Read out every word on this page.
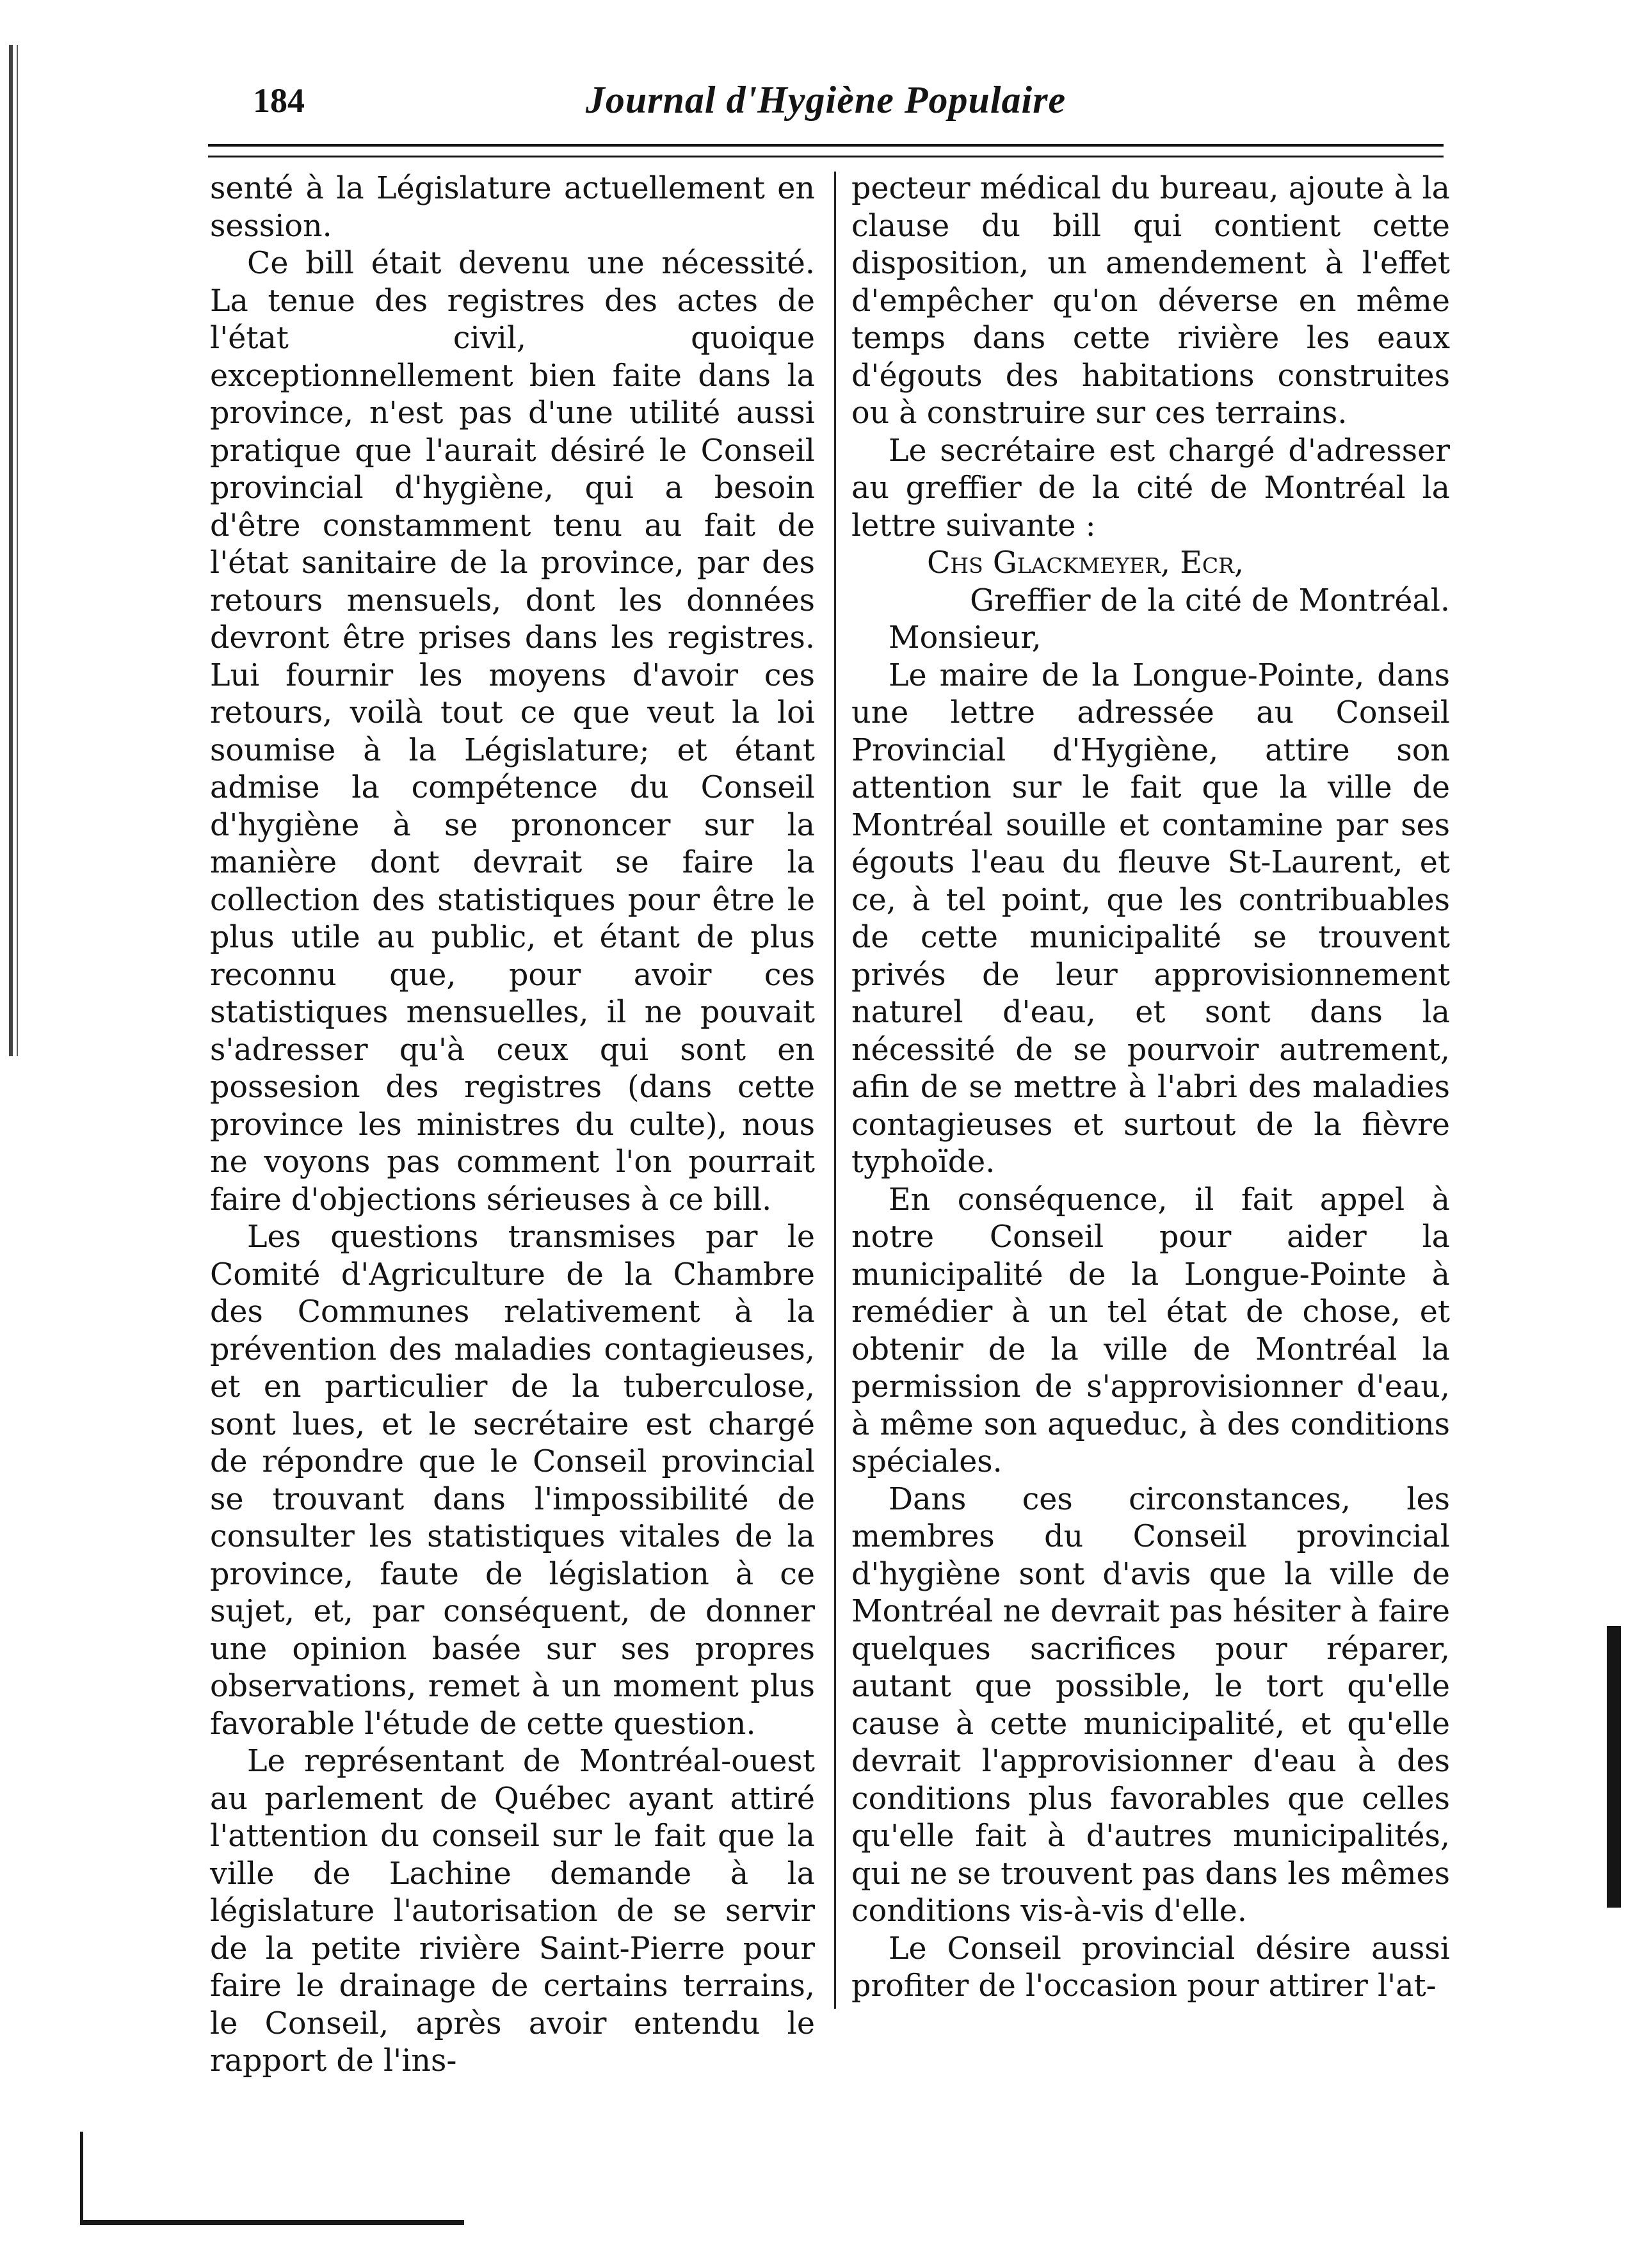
184	Journal d'Hygiène Populaire

senté à la Législature actuellement en session.

Ce bill était devenu une nécessité. La tenue des registres des actes de l'état civil, quoique exceptionnellement bien faite dans la province, n'est pas d'une utilité aussi pratique que l'aurait désiré le Conseil provincial d'hygiène, qui a besoin d'être constamment tenu au fait de l'état sanitaire de la province, par des retours mensuels, dont les données devront être prises dans les registres. Lui fournir les moyens d'avoir ces retours, voilà tout ce que veut la loi soumise à la Législature; et étant admise la compétence du Conseil d'hygiène à se prononcer sur la manière dont devrait se faire la collection des statistiques pour être le plus utile au public, et étant de plus reconnu que, pour avoir ces statistiques mensuelles, il ne pouvait s'adresser qu'à ceux qui sont en possesion des registres (dans cette province les ministres du culte), nous ne voyons pas comment l'on pourrait faire d'objections sérieuses à ce bill.

Les questions transmises par le Comité d'Agriculture de la Chambre des Communes relativement à la prévention des maladies contagieuses, et en particulier de la tuberculose, sont lues, et le secrétaire est chargé de répondre que le Conseil provincial se trouvant dans l'impossibilité de consulter les statistiques vitales de la province, faute de législation à ce sujet, et, par conséquent, de donner une opinion basée sur ses propres observations, remet à un moment plus favorable l'étude de cette question.

Le représentant de Montréal-ouest au parlement de Québec ayant attiré l'attention du conseil sur le fait que la ville de Lachine demande à la législature l'autorisation de se servir de la petite rivière Saint-Pierre pour faire le drainage de certains terrains, le Conseil, après avoir entendu le rapport de l'ins-

pecteur médical du bureau, ajoute à la clause du bill qui contient cette disposition, un amendement à l'effet d'empêcher qu'on déverse en même temps dans cette rivière les eaux d'égouts des habitations construites ou à construire sur ces terrains.

Le secrétaire est chargé d'adresser au greffier de la cité de Montréal la lettre suivante :

Chs Glackmeyer, Ecr,

Greffier de la cité de Montréal.

Monsieur,

Le maire de la Longue-Pointe, dans une lettre adressée au Conseil Provincial d'Hygiène, attire son attention sur le fait que la ville de Montréal souille et contamine par ses égouts l'eau du fleuve St-Laurent, et ce, à tel point, que les contribuables de cette municipalité se trouvent privés de leur approvisionnement naturel d'eau, et sont dans la nécessité de se pourvoir autrement, afin de se mettre à l'abri des maladies contagieuses et surtout de la fièvre typhoïde.

En conséquence, il fait appel à notre Conseil pour aider la municipalité de la Longue-Pointe à remédier à un tel état de chose, et obtenir de la ville de Montréal la permission de s'approvisionner d'eau, à même son aqueduc, à des conditions spéciales.

Dans ces circonstances, les membres du Conseil provincial d'hygiène sont d'avis que la ville de Montréal ne devrait pas hésiter à faire quelques sacrifices pour réparer, autant que possible, le tort qu'elle cause à cette municipalité, et qu'elle devrait l'approvisionner d'eau à des conditions plus favorables que celles qu'elle fait à d'autres municipalités, qui ne se trouvent pas dans les mêmes conditions vis-à-vis d'elle.

Le Conseil provincial désire aussi profiter de l'occasion pour attirer l'at-
